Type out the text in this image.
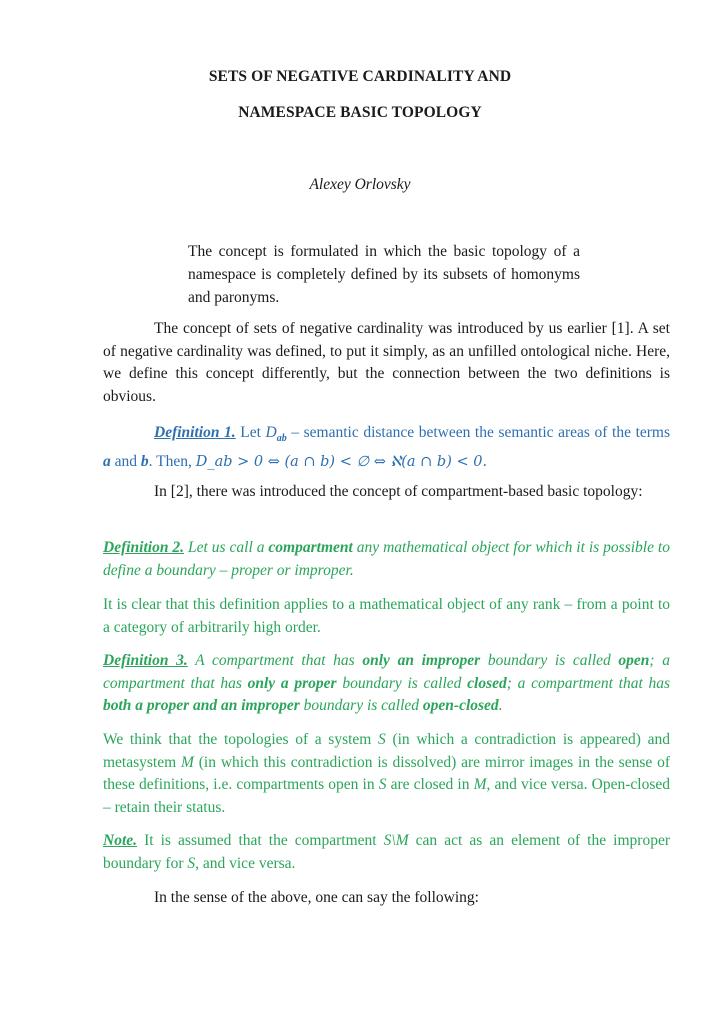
SETS OF NEGATIVE CARDINALITY AND
NAMESPACE BASIC TOPOLOGY
Alexey Orlovsky
The concept is formulated in which the basic topology of a namespace is completely defined by its subsets of homonyms and paronyms.

The concept of sets of negative cardinality was introduced by us earlier [1]. A set of negative cardinality was defined, to put it simply, as an unfilled ontological niche. Here, we define this concept differently, but the connection between the two definitions is obvious.

Definition 1. Let $D_{ab}$ – semantic distance between the semantic areas of the terms a and b. Then, D_ab > 0 ⇔ (a ∩ b) < ∅ ⇔ ℵ(a ∩ b) < 0.

In [2], there was introduced the concept of compartment-based basic topology:

Definition 2. Let us call a compartment any mathematical object for which it is possible to define a boundary – proper or improper.

It is clear that this definition applies to a mathematical object of any rank – from a point to a category of arbitrarily high order.

Definition 3. A compartment that has only an improper boundary is called open; a compartment that has only a proper boundary is called closed; a compartment that has both a proper and an improper boundary is called open-closed.

We think that the topologies of a system S (in which a contradiction is appeared) and metasystem M (in which this contradiction is dissolved) are mirror images in the sense of these definitions, i.e. compartments open in S are closed in M, and vice versa. Open-closed – retain their status.

Note. It is assumed that the compartment S\M can act as an element of the improper boundary for S, and vice versa.

In the sense of the above, one can say the following:
